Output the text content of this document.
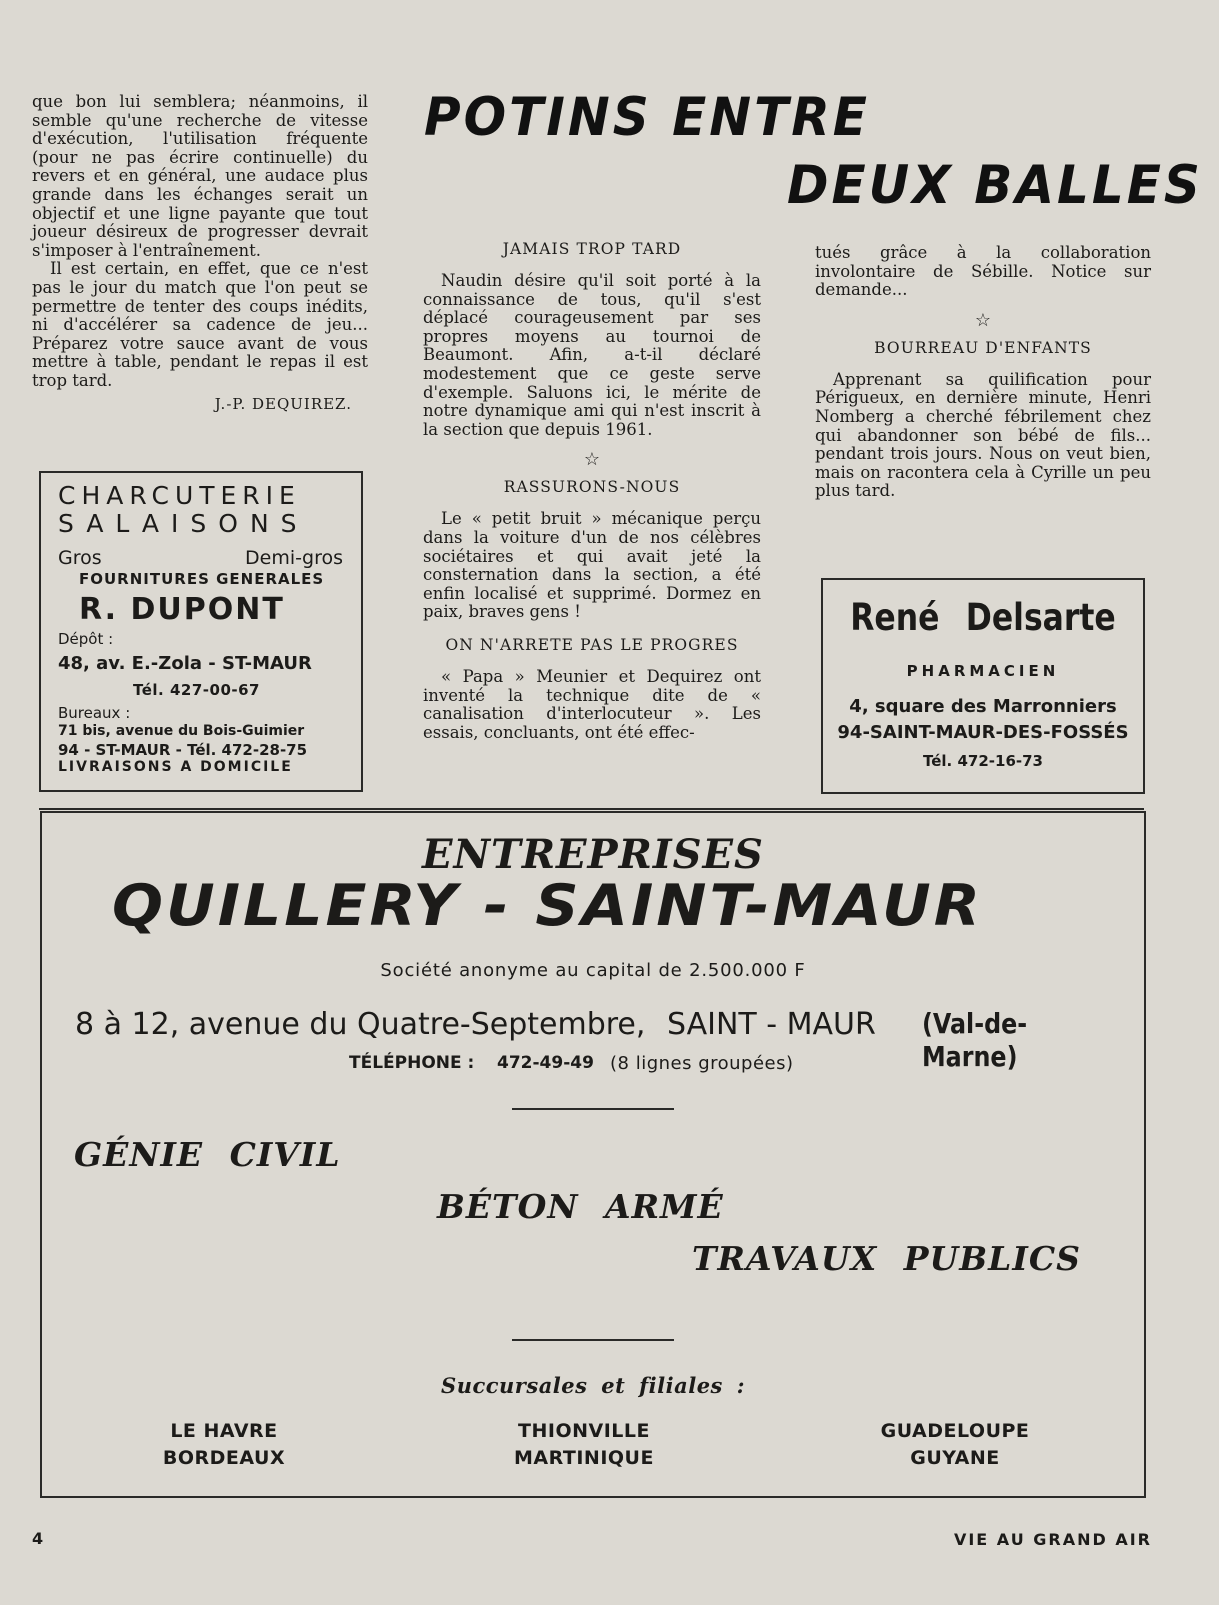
POTINS ENTRE
DEUX BALLES

que bon lui semblera; néanmoins, il semble qu'une recherche de vitesse d'exécution, l'utilisation fréquente (pour ne pas écrire continuelle) du revers et en général, une audace plus grande dans les échanges serait un objectif et une ligne payante que tout joueur désireux de progresser devrait s'imposer à l'entraînement.

Il est certain, en effet, que ce n'est pas le jour du match que l'on peut se permettre de tenter des coups inédits, ni d'accélérer sa cadence de jeu... Préparez votre sauce avant de vous mettre à table, pendant le repas il est trop tard.

J.-P. DEQUIREZ.

JAMAIS TROP TARD

Naudin désire qu'il soit porté à la connaissance de tous, qu'il s'est déplacé courageusement par ses propres moyens au tournoi de Beaumont. Afin, a-t-il déclaré modestement que ce geste serve d'exemple. Saluons ici, le mérite de notre dynamique ami qui n'est inscrit à la section que depuis 1961.

☆

RASSURONS-NOUS

Le « petit bruit » mécanique perçu dans la voiture d'un de nos célèbres sociétaires et qui avait jeté la consternation dans la section, a été enfin localisé et supprimé. Dormez en paix, braves gens !

ON N'ARRETE PAS LE PROGRES

« Papa » Meunier et Dequirez ont inventé la technique dite de « canalisation d'interlocuteur ». Les essais, concluants, ont été effec-

tués grâce à la collaboration involontaire de Sébille. Notice sur demande...

☆

BOURREAU D'ENFANTS

Apprenant sa quilification pour Périgueux, en dernière minute, Henri Nomberg a cherché fébrilement chez qui abandonner son bébé de fils... pendant trois jours. Nous on veut bien, mais on racontera cela à Cyrille un peu plus tard.

CHARCUTERIE
SALAISONS
Gros	Demi-gros
FOURNITURES GENERALES
R. DUPONT
Dépôt :
48, av. E.-Zola - ST-MAUR
Tél. 427-00-67
Bureaux :
71 bis, avenue du Bois-Guimier
94 - ST-MAUR - Tél. 472-28-75
LIVRAISONS A DOMICILE
René Delsarte
PHARMACIEN
4, square des Marronniers
94-SAINT-MAUR-DES-FOSSÉS
Tél. 472-16-73
ENTREPRISES
QUILLERY - SAINT-MAUR
Société anonyme au capital de 2.500.000 F
8 à 12, avenue du Quatre-Septembre, SAINT - MAUR (Val-de-Marne)
TÉLÉPHONE : 472-49-49 (8 lignes groupées)
GÉNIE CIVIL
BÉTON ARMÉ
TRAVAUX PUBLICS
Succursales et filiales :
LE HAVRE
BORDEAUX
THIONVILLE
MARTINIQUE
GUADELOUPE
GUYANE
4	VIE AU GRAND AIR
